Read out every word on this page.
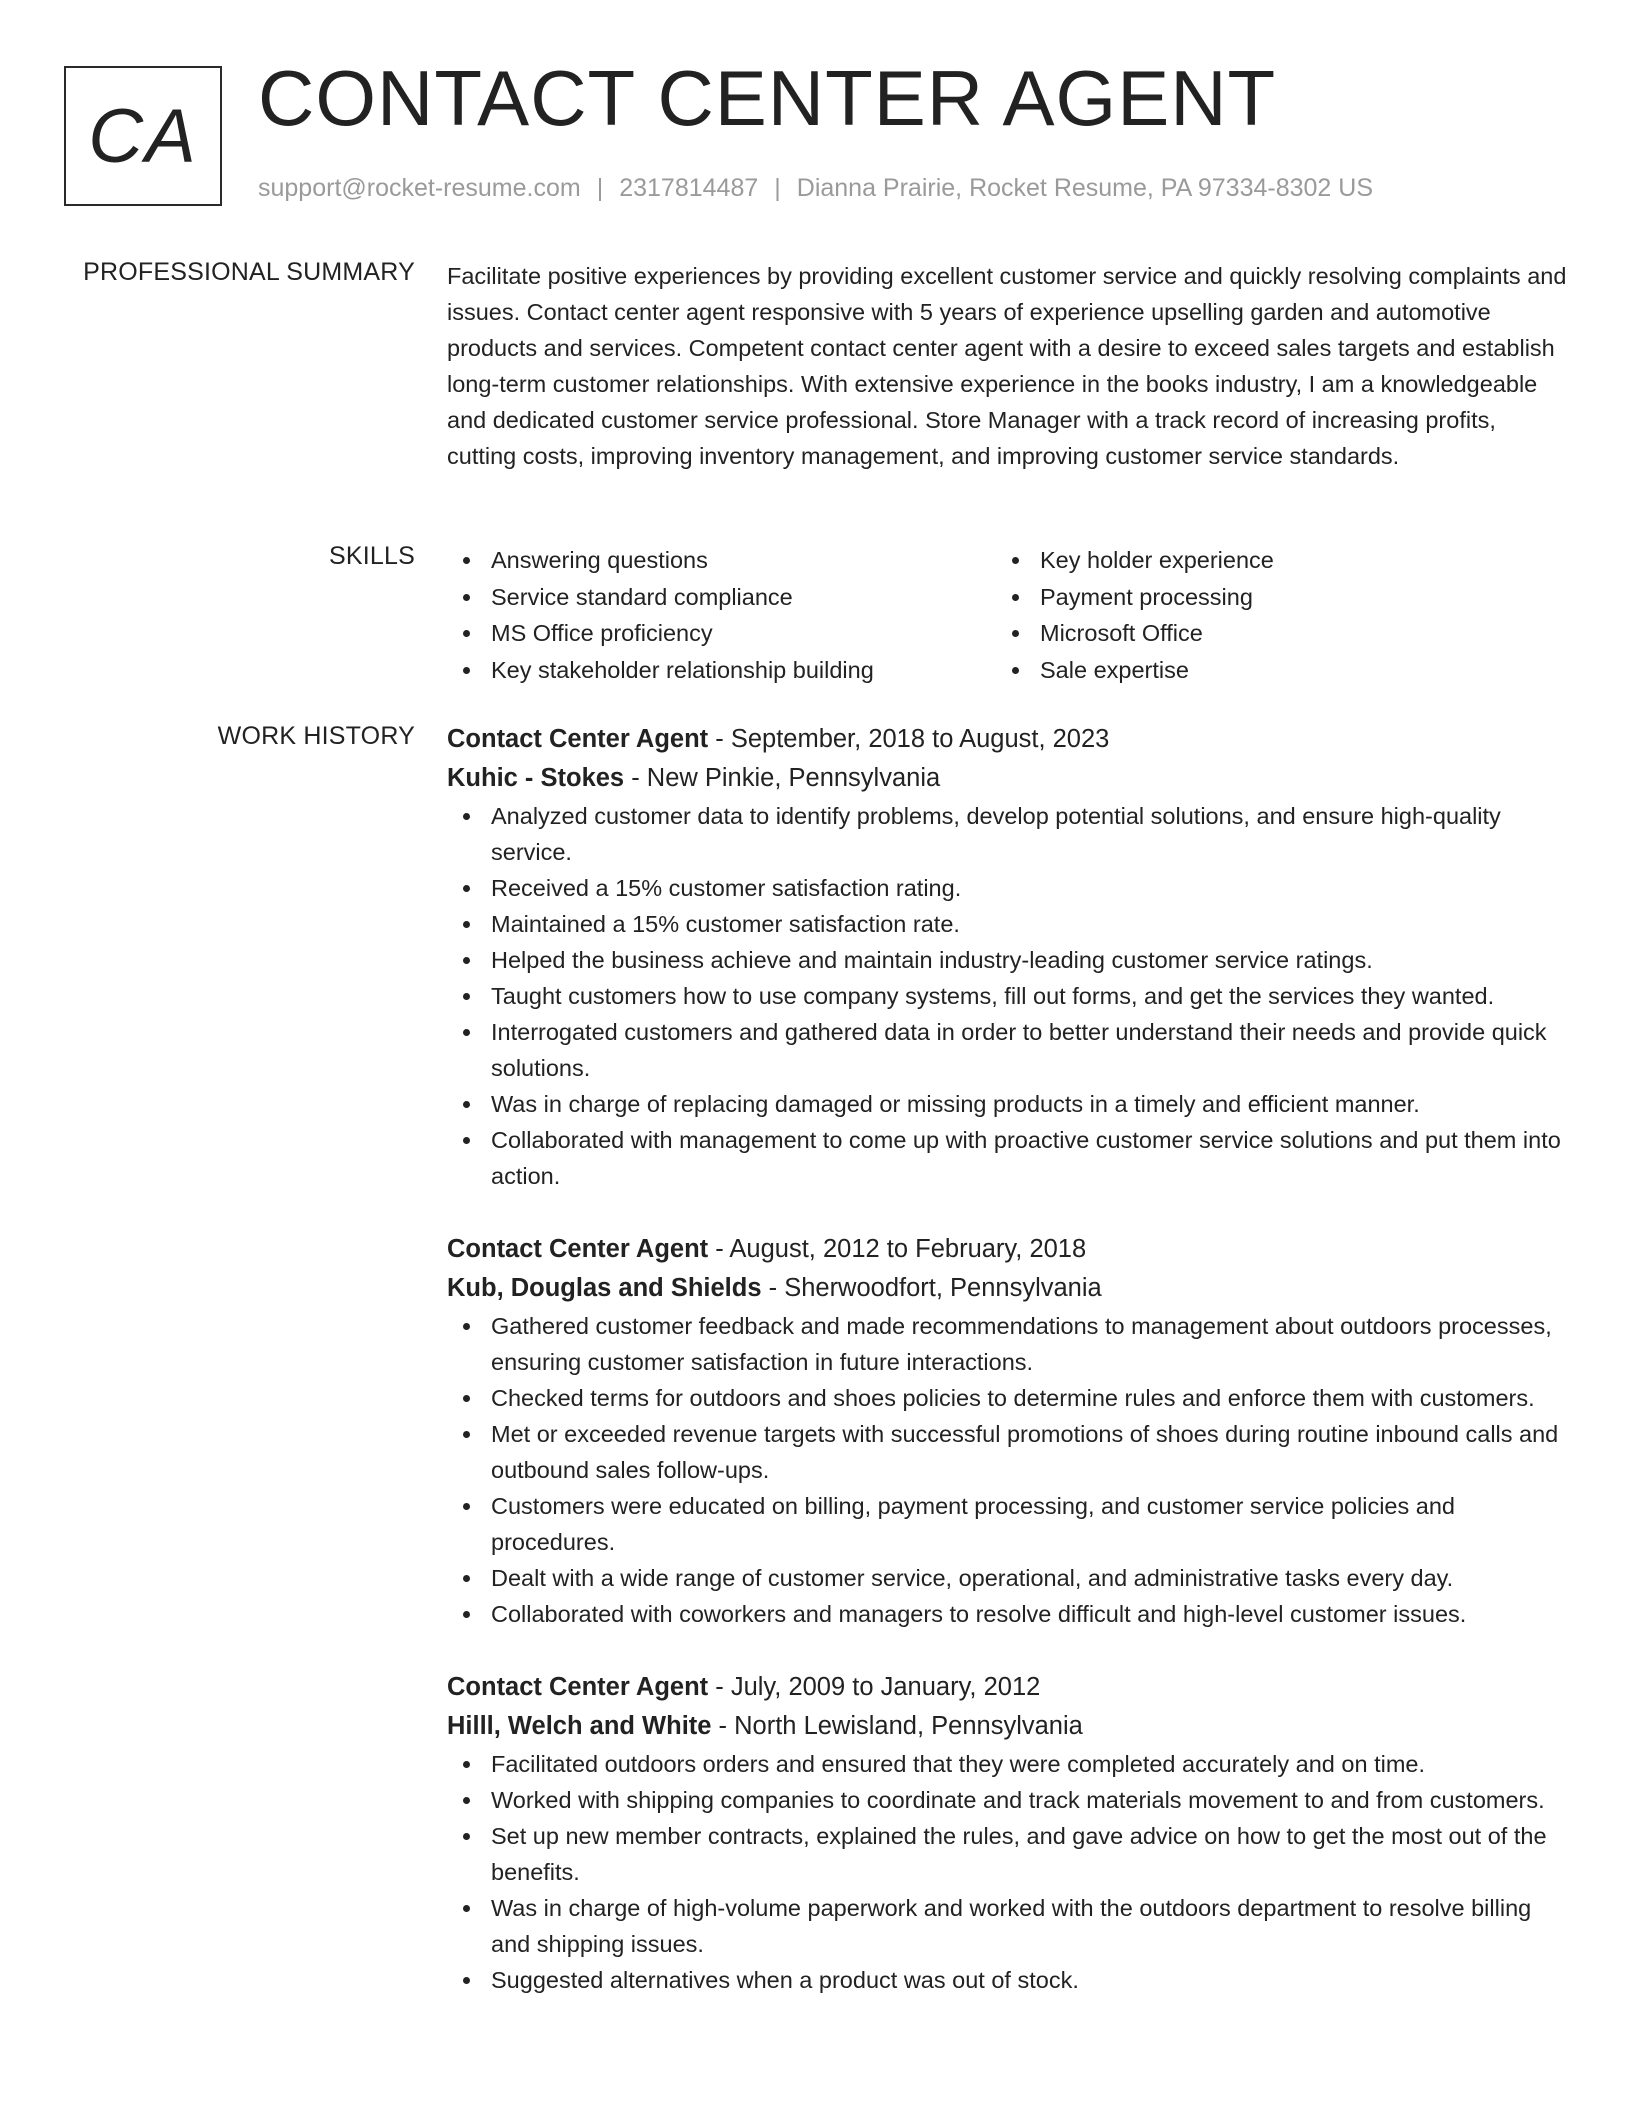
CA CONTACT CENTER AGENT
support@rocket-resume.com | 2317814487 | Dianna Prairie, Rocket Resume, PA 97334-8302 US
PROFESSIONAL SUMMARY Facilitate positive experiences by providing excellent customer service and quickly resolving complaints and issues. Contact center agent responsive with 5 years of experience upselling garden and automotive products and services. Competent contact center agent with a desire to exceed sales targets and establish long-term customer relationships. With extensive experience in the books industry, I am a knowledgeable and dedicated customer service professional. Store Manager with a track record of increasing profits, cutting costs, improving inventory management, and improving customer service standards.

SKILLS	Answering questions
Service standard compliance
MS Office proficiency
Key stakeholder relationship building
Key holder experience
Payment processing
Microsoft Office
Sale expertise
WORK HISTORY Contact Center Agent - September, 2018 to August, 2023
Kuhic - Stokes - New Pinkie, Pennsylvania
Analyzed customer data to identify problems, develop potential solutions, and ensure high-quality service.
Received a 15% customer satisfaction rating.
Maintained a 15% customer satisfaction rate.
Helped the business achieve and maintain industry-leading customer service ratings.
Taught customers how to use company systems, fill out forms, and get the services they wanted.
Interrogated customers and gathered data in order to better understand their needs and provide quick solutions.
Was in charge of replacing damaged or missing products in a timely and efficient manner.
Collaborated with management to come up with proactive customer service solutions and put them into action.
Contact Center Agent - August, 2012 to February, 2018
Kub, Douglas and Shields - Sherwoodfort, Pennsylvania
Gathered customer feedback and made recommendations to management about outdoors processes, ensuring customer satisfaction in future interactions.
Checked terms for outdoors and shoes policies to determine rules and enforce them with customers.
Met or exceeded revenue targets with successful promotions of shoes during routine inbound calls and outbound sales follow-ups.
Customers were educated on billing, payment processing, and customer service policies and procedures.
Dealt with a wide range of customer service, operational, and administrative tasks every day.
Collaborated with coworkers and managers to resolve difficult and high-level customer issues.
Contact Center Agent - July, 2009 to January, 2012
Hilll, Welch and White - North Lewisland, Pennsylvania
Facilitated outdoors orders and ensured that they were completed accurately and on time.
Worked with shipping companies to coordinate and track materials movement to and from customers.
Set up new member contracts, explained the rules, and gave advice on how to get the most out of the benefits.
Was in charge of high-volume paperwork and worked with the outdoors department to resolve billing and shipping issues.
Suggested alternatives when a product was out of stock.
